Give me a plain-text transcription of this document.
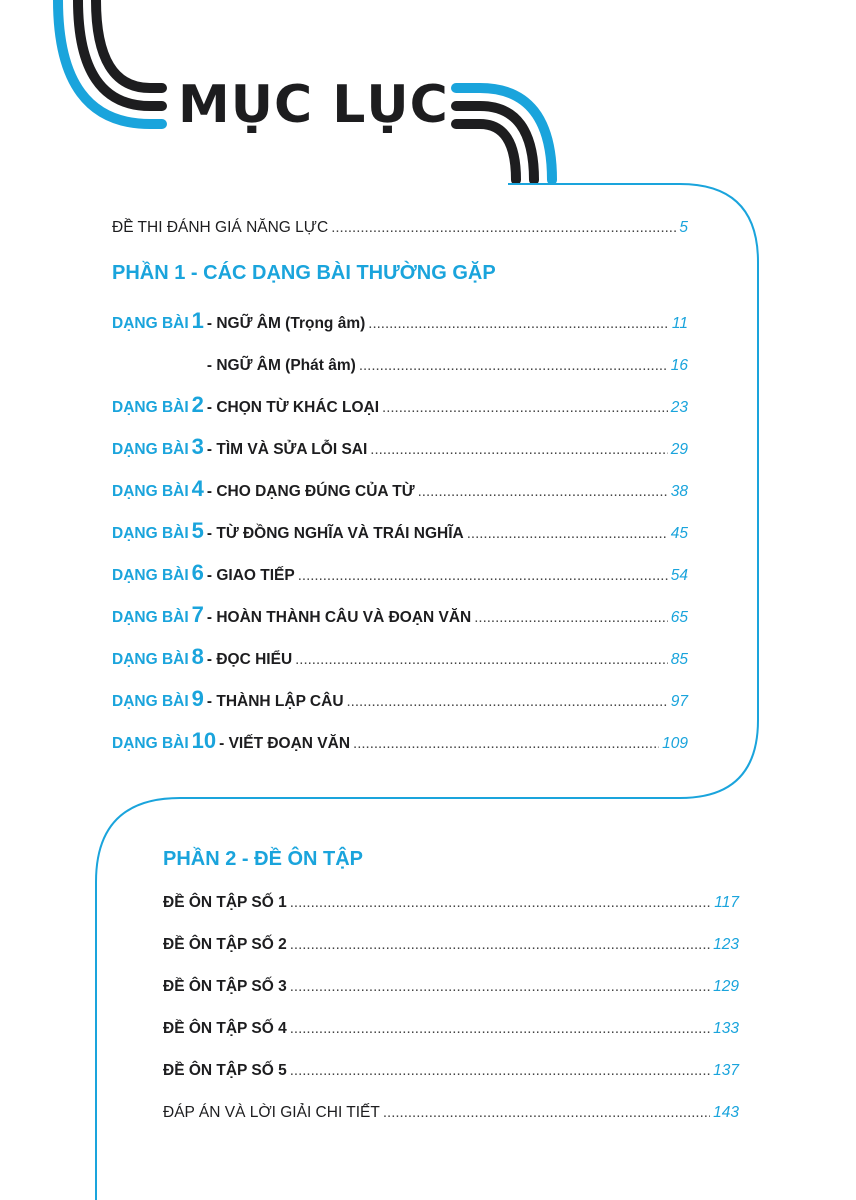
MỤC LỤC
ĐỀ THI ĐÁNH GIÁ NĂNG LỰC .....	5
PHẦN 1 - CÁC DẠNG BÀI THƯỜNG GẶP
DẠNG BÀI 1 - NGỮ ÂM (Trọng âm) .....	11
- NGỮ ÂM (Phát âm) .....	16
DẠNG BÀI 2 - CHỌN TỪ KHÁC LOẠI .....	23
DẠNG BÀI 3 - TÌM VÀ SỬA LỖI SAI .....	29
DẠNG BÀI 4 - CHO DẠNG ĐÚNG CỦA TỪ .....	38
DẠNG BÀI 5 - TỪ ĐỒNG NGHĨA VÀ TRÁI NGHĨA .....	45
DẠNG BÀI 6 - GIAO TIẾP .....	54
DẠNG BÀI 7 - HOÀN THÀNH CÂU VÀ ĐOẠN VĂN .....	65
DẠNG BÀI 8 - ĐỌC HIỂU .....	85
DẠNG BÀI 9 - THÀNH LẬP CÂU .....	97
DẠNG BÀI 10 - VIẾT ĐOẠN VĂN .....	109
PHẦN 2 - ĐỀ ÔN TẬP
ĐỀ ÔN TẬP SỐ 1 .....	117
ĐỀ ÔN TẬP SỐ 2 .....	123
ĐỀ ÔN TẬP SỐ 3 .....	129
ĐỀ ÔN TẬP SỐ 4 .....	133
ĐỀ ÔN TẬP SỐ 5 .....	137
ĐÁP ÁN VÀ LỜI GIẢI CHI TIẾT .....	143
